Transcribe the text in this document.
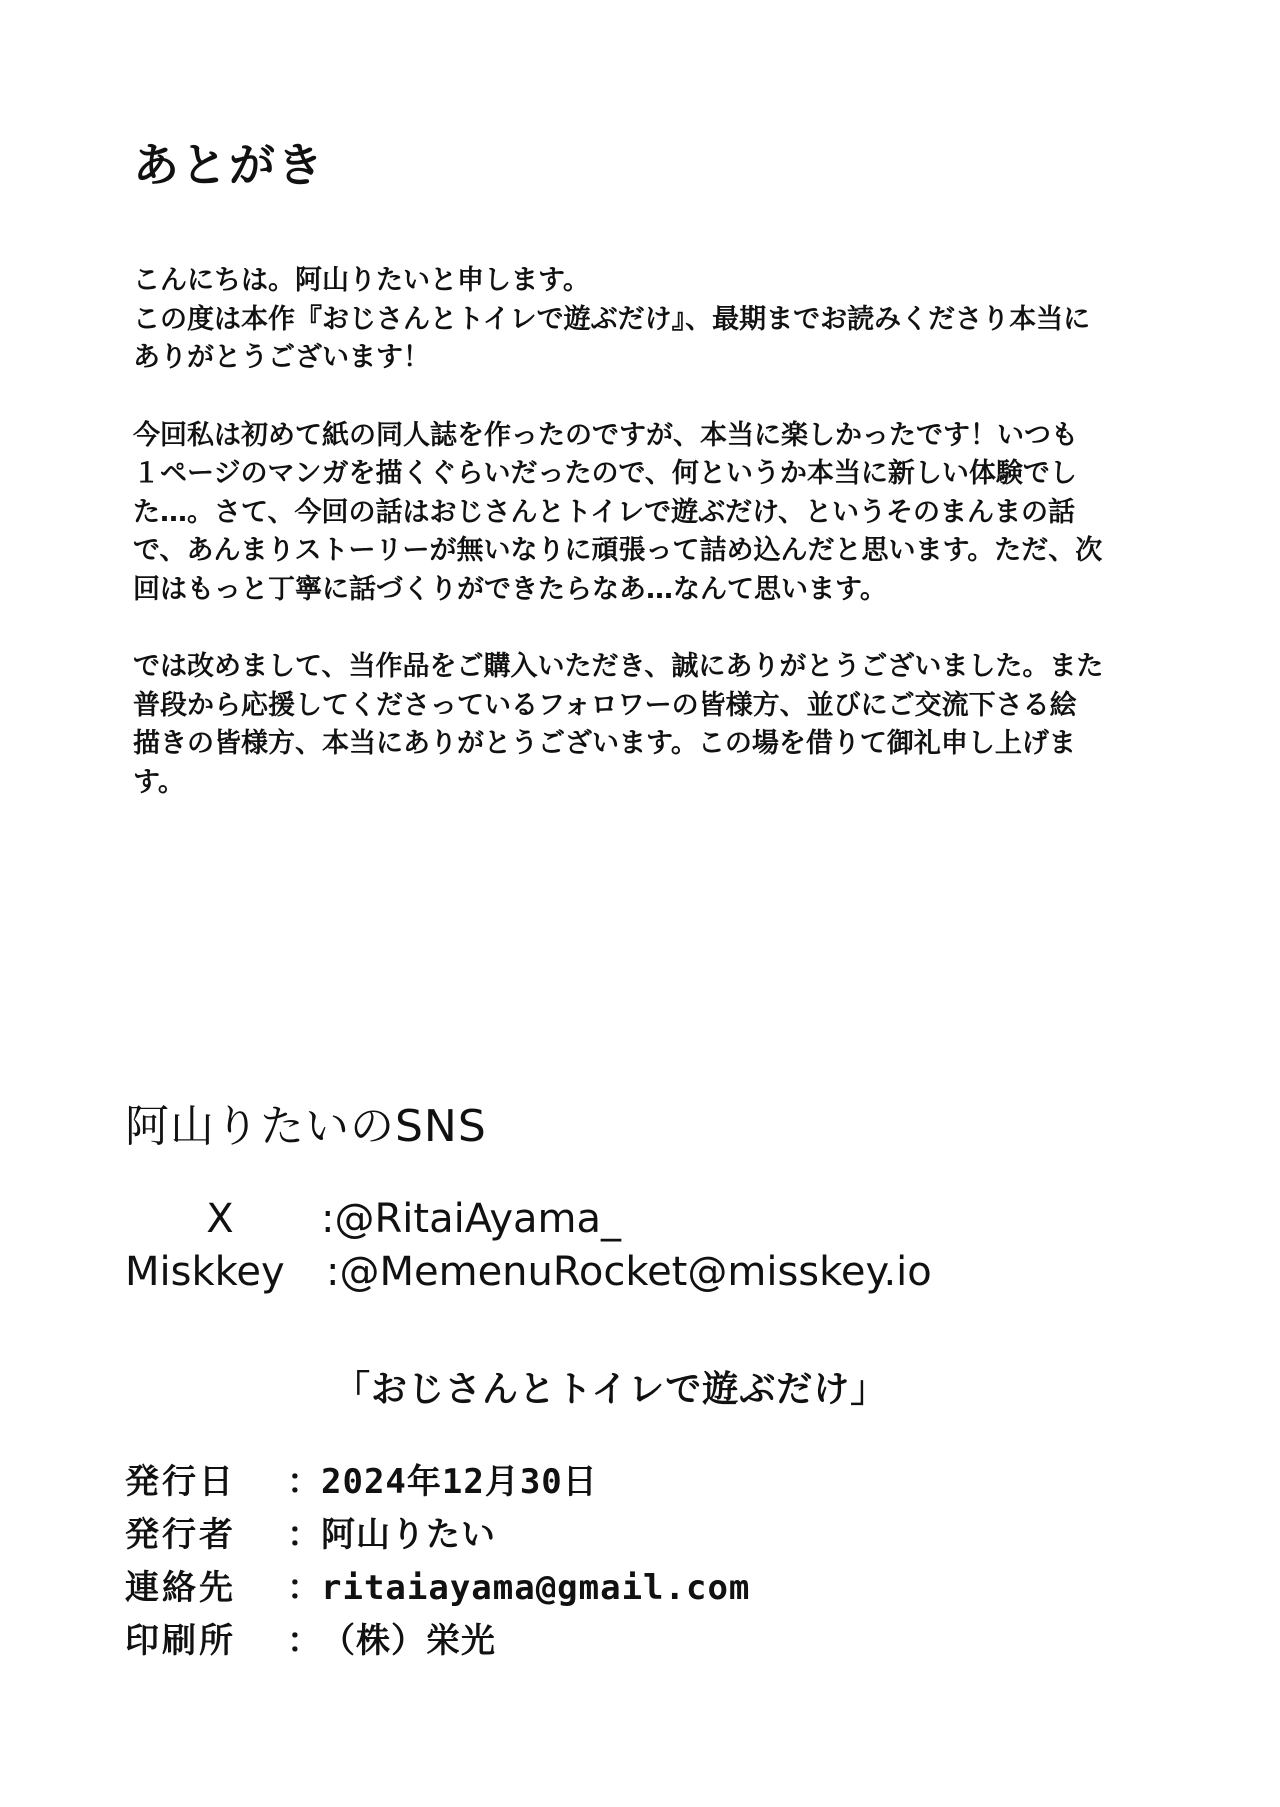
あとがき

こんにちは。阿山りたいと申します。
この度は本作『おじさんとトイレで遊ぶだけ』、最期までお読みくださり本当に
ありがとうございます！

今回私は初めて紙の同人誌を作ったのですが、本当に楽しかったです！いつも
１ページのマンガを描くぐらいだったので、何というか本当に新しい体験でし
た…。さて、今回の話はおじさんとトイレで遊ぶだけ、というそのまんまの話
で、あんまりストーリーが無いなりに頑張って詰め込んだと思います。ただ、次
回はもっと丁寧に話づくりができたらなあ…なんて思います。

では改めまして、当作品をご購入いただき、誠にありがとうございました。また
普段から応援してくださっているフォロワーの皆様方、並びにご交流下さる絵
描きの皆様方、本当にありがとうございます。この場を借りて御礼申し上げま
す。

阿山りたいのSNS
X :@RitaiAyama_
Miskkey :@MemenuRocket@misskey.io
「おじさんとトイレで遊ぶだけ」
発行日 ：2024年12月30日
発行者 ：阿山りたい
連絡先 ：ritaiayama@gmail.com
印刷所 ：（株）栄光
